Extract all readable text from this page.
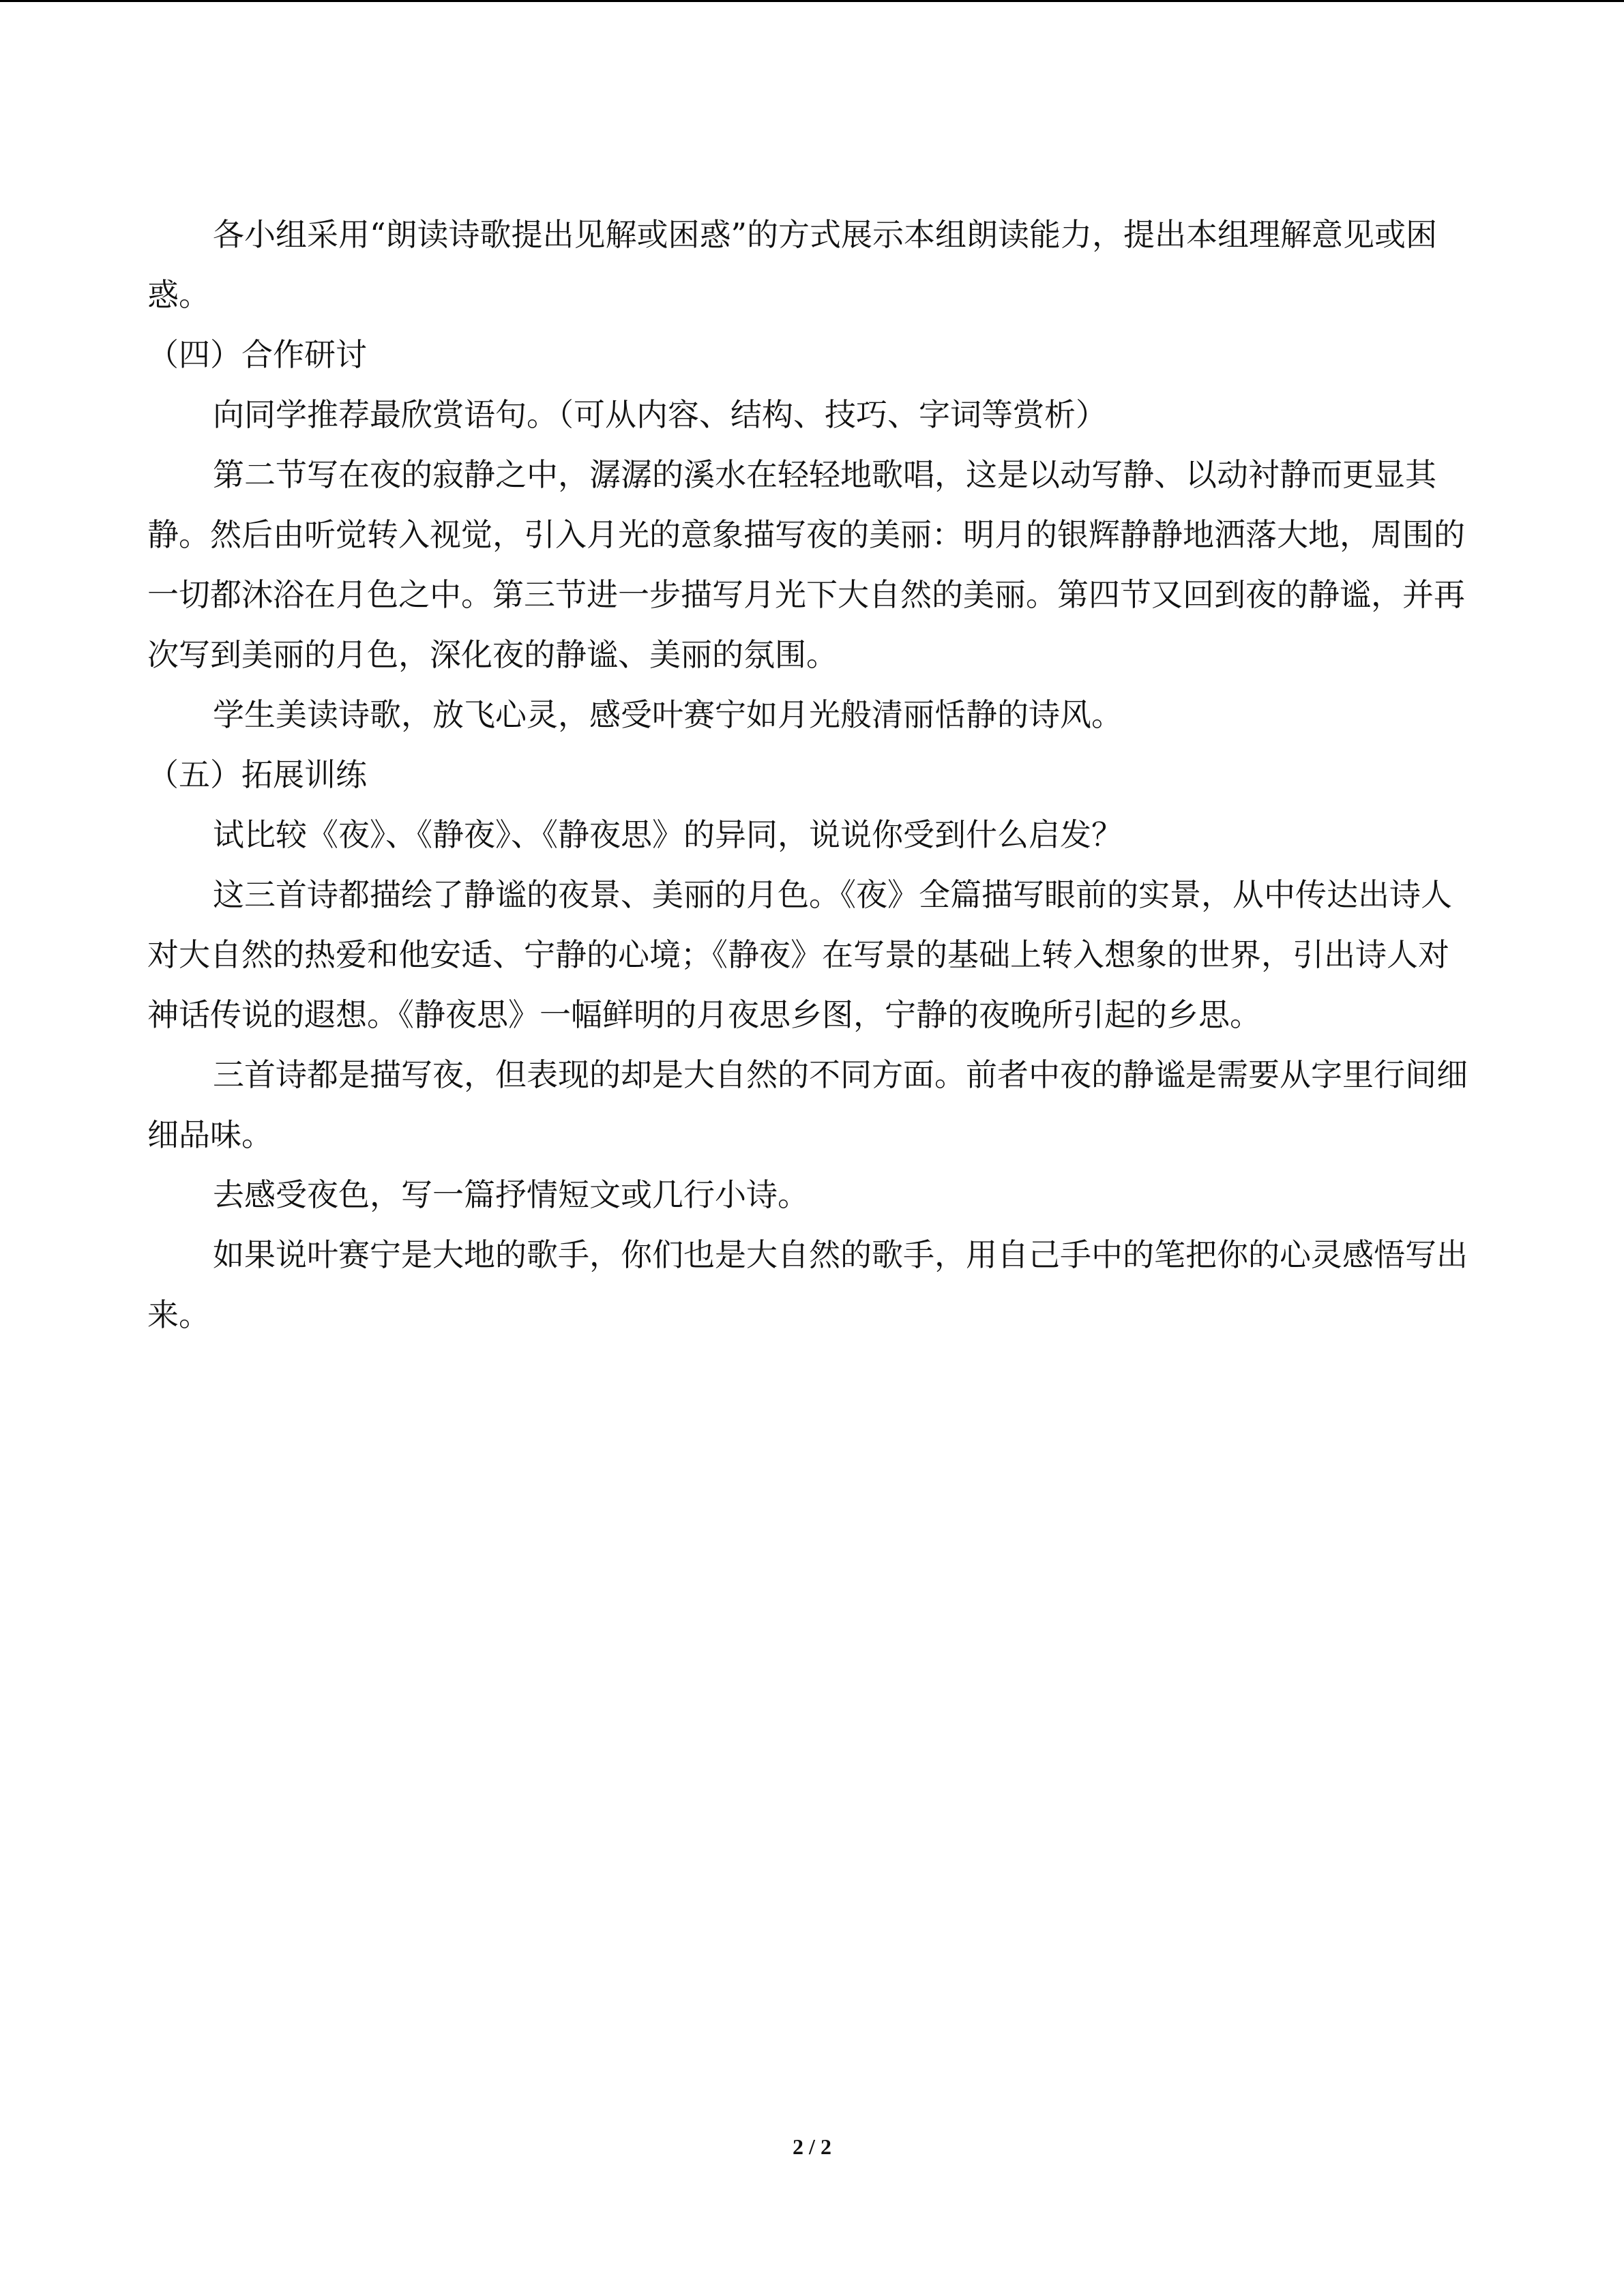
各小组采用“朗读诗歌提出见解或困惑”的方式展示本组朗读能力，提出本组理解意见或困惑。

（四）合作研讨

向同学推荐最欣赏语句。（可从内容、结构、技巧、字词等赏析）

第二节写在夜的寂静之中，潺潺的溪水在轻轻地歌唱，这是以动写静、以动衬静而更显其静。然后由听觉转入视觉，引入月光的意象描写夜的美丽：明月的银辉静静地洒落大地，周围的一切都沐浴在月色之中。第三节进一步描写月光下大自然的美丽。第四节又回到夜的静谧，并再次写到美丽的月色，深化夜的静谧、美丽的氛围。

学生美读诗歌，放飞心灵，感受叶赛宁如月光般清丽恬静的诗风。

（五）拓展训练

试比较《夜》、《静夜》、《静夜思》的异同，说说你受到什么启发？

这三首诗都描绘了静谧的夜景、美丽的月色。《夜》全篇描写眼前的实景，从中传达出诗人对大自然的热爱和他安适、宁静的心境；《静夜》在写景的基础上转入想象的世界，引出诗人对神话传说的遐想。《静夜思》一幅鲜明的月夜思乡图，宁静的夜晚所引起的乡思。

三首诗都是描写夜，但表现的却是大自然的不同方面。前者中夜的静谧是需要从字里行间细细品味。

去感受夜色，写一篇抒情短文或几行小诗。

如果说叶赛宁是大地的歌手，你们也是大自然的歌手，用自己手中的笔把你的心灵感悟写出来。

2 / 2
